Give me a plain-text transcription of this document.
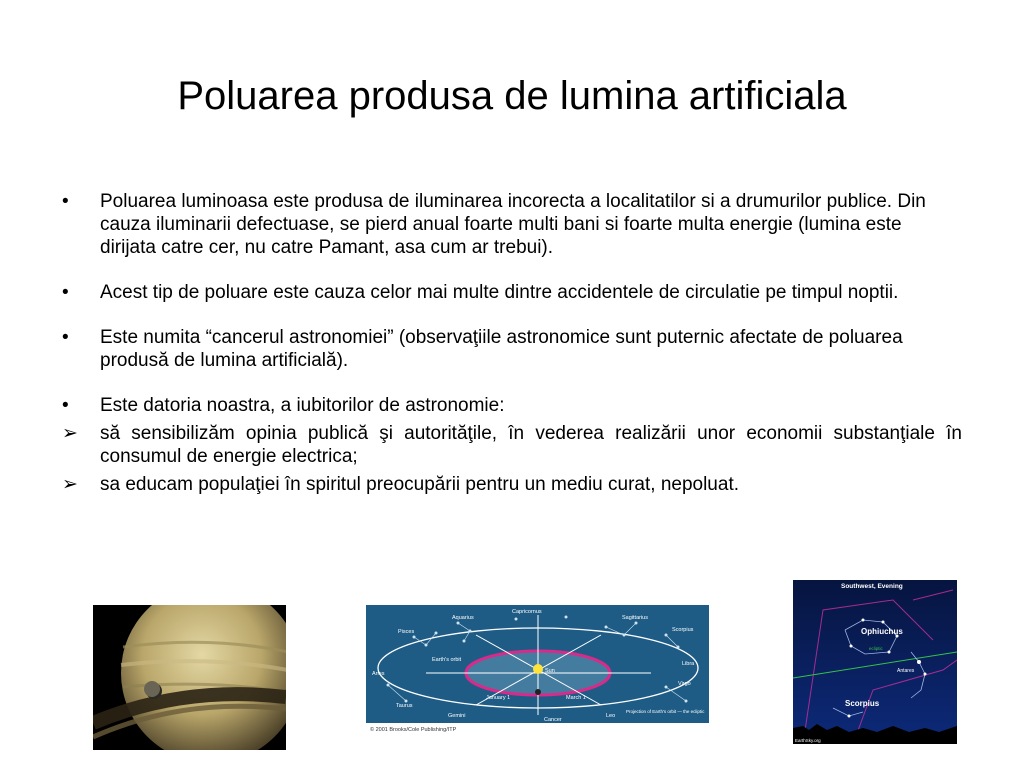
Poluarea produsa de lumina artificiala
•	Poluarea luminoasa este produsa de iluminarea incorecta a localitatilor si a drumurilor publice. Din cauza iluminarii defectuase, se pierd anual foarte multi bani si foarte multa energie (lumina este dirijata catre cer, nu catre Pamant, asa cum ar trebui).
•	Acest tip de poluare este cauza celor mai multe dintre accidentele de circulatie pe timpul noptii.
•	Este numita “cancerul astronomiei” (observaţiile astronomice sunt puternic afectate de poluarea produsă de lumina artificială).
•	Este datoria noastra, a iubitorilor de astronomie:
➢	să sensibilizăm opinia publică şi autorităţile, în vederea realizării unor economii substanţiale în consumul de energie electrica;
➢	sa educam populaţiei în spiritul preocupării pentru un mediu curat, nepoluat.
Capricornus
Aquarius	Sagittarius
Pisces	Scorpius
Libra
Earth's orbit
Aries	Sun
Virgo
January 1	March 1
Taurus
Gemini
Cancer
Leo
Projection of Earth's orbit — the ecliptic
© 2001 Brooks/Cole Publishing/ITP
Southwest, Evening
Ophiuchus
ecliptic
Antares
Scorpius
EarthSky.org
